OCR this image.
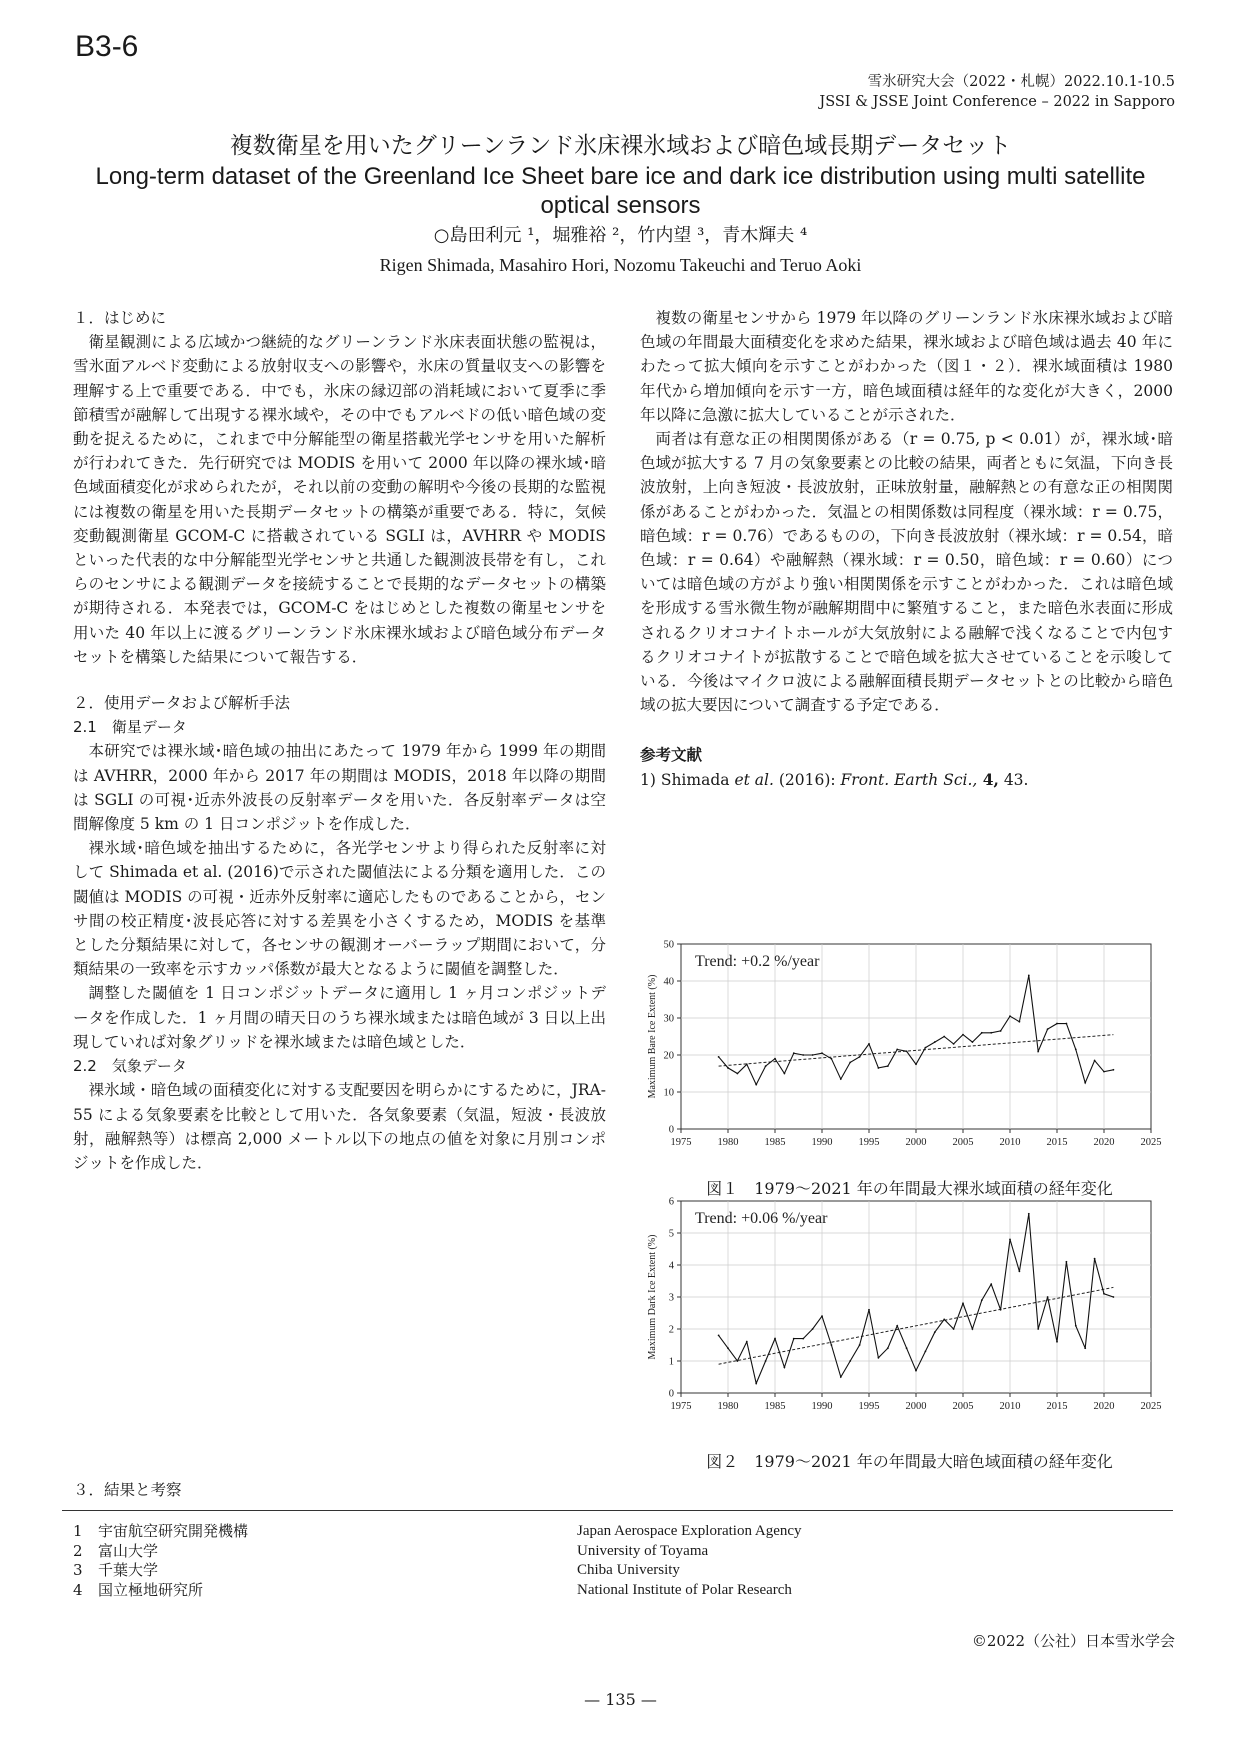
B3-6
雪氷研究大会（2022・札幌）2022.10.1‐10.5
JSSI & JSSE Joint Conference – 2022 in Sapporo
複数衛星を用いたグリーンランド氷床裸氷域および暗色域長期データセット
Long-term dataset of the Greenland Ice Sheet bare ice and dark ice distribution using multi satellite optical sensors
○島田利元 ¹，堀雅裕 ²，竹内望 ³，青木輝夫 ⁴
Rigen Shimada, Masahiro Hori, Nozomu Takeuchi and Teruo Aoki
１．はじめに

衛星観測による広域かつ継続的なグリーンランド氷床表面状態の監視は，雪氷面アルベド変動による放射収支への影響や，氷床の質量収支への影響を理解する上で重要である．中でも，氷床の縁辺部の消耗域において夏季に季節積雪が融解して出現する裸氷域や，その中でもアルベドの低い暗色域の変動を捉えるために，これまで中分解能型の衛星搭載光学センサを用いた解析が行われてきた．先行研究では MODIS を用いて 2000 年以降の裸氷域･暗色域面積変化が求められたが，それ以前の変動の解明や今後の長期的な監視には複数の衛星を用いた長期データセットの構築が重要である．特に，気候変動観測衛星 GCOM-C に搭載されている SGLI は，AVHRR や MODIS といった代表的な中分解能型光学センサと共通した観測波長帯を有し，これらのセンサによる観測データを接続することで長期的なデータセットの構築が期待される．本発表では，GCOM-C をはじめとした複数の衛星センサを用いた 40 年以上に渡るグリーンランド氷床裸氷域および暗色域分布データセットを構築した結果について報告する．

２．使用データおよび解析手法
2.1　衛星データ

本研究では裸氷域･暗色域の抽出にあたって 1979 年から 1999 年の期間は AVHRR，2000 年から 2017 年の期間は MODIS，2018 年以降の期間は SGLI の可視･近赤外波長の反射率データを用いた．各反射率データは空間解像度 5 km の 1 日コンポジットを作成した．

裸氷域･暗色域を抽出するために，各光学センサより得られた反射率に対して Shimada et al. (2016)で示された閾値法による分類を適用した．この閾値は MODIS の可視・近赤外反射率に適応したものであることから，センサ間の校正精度･波長応答に対する差異を小さくするため，MODIS を基準とした分類結果に対して，各センサの観測オーバーラップ期間において，分類結果の一致率を示すカッパ係数が最大となるように閾値を調整した．

調整した閾値を 1 日コンポジットデータに適用し 1 ヶ月コンポジットデータを作成した．1 ヶ月間の晴天日のうち裸氷域または暗色域が 3 日以上出現していれば対象グリッドを裸氷域または暗色域とした．

2.2　気象データ

裸氷域・暗色域の面積変化に対する支配要因を明らかにするために，JRA-55 による気象要素を比較として用いた．各気象要素（気温，短波・長波放射，融解熱等）は標高 2,000 メートル以下の地点の値を対象に月別コンポジットを作成した．

複数の衛星センサから 1979 年以降のグリーンランド氷床裸氷域および暗色域の年間最大面積変化を求めた結果，裸氷域および暗色域は過去 40 年にわたって拡大傾向を示すことがわかった（図１・２）．裸氷域面積は 1980 年代から増加傾向を示す一方，暗色域面積は経年的な変化が大きく，2000 年以降に急激に拡大していることが示された．

両者は有意な正の相関関係がある（r = 0.75, p < 0.01）が，裸氷域･暗色域が拡大する 7 月の気象要素との比較の結果，両者ともに気温，下向き長波放射，上向き短波・長波放射，正味放射量，融解熱との有意な正の相関関係があることがわかった．気温との相関係数は同程度（裸氷域：r = 0.75，暗色域：r = 0.76）であるものの，下向き長波放射（裸氷域：r = 0.54，暗色域：r = 0.64）や融解熱（裸氷域：r = 0.50，暗色域：r = 0.60）については暗色域の方がより強い相関関係を示すことがわかった．これは暗色域を形成する雪氷微生物が融解期間中に繁殖すること，また暗色氷表面に形成されるクリオコナイトホールが大気放射による融解で浅くなることで内包するクリオコナイトが拡散することで暗色域を拡大させていることを示唆している．今後はマイクロ波による融解面積長期データセットとの比較から暗色域の拡大要因について調査する予定である．

参考文献
1) Shimada et al. (2016): Front. Earth Sci., 4, 43.
1975 1980 1985 1990 1995 2000 2005 2010 2015 2020 2025
0
10
20
30
40
50
Maximum Bare Ice Extent (%)
Trend: +0.2 %/year
図１　1979〜2021 年の年間最大裸氷域面積の経年変化
1975 1980 1985 1990 1995 2000 2005 2010 2015 2020 2025
0
1
2
3
4
5
6
Maximum Dark Ice Extent (%)
Trend: +0.06 %/year
図２　1979〜2021 年の年間最大暗色域面積の経年変化
３．結果と考察
1 宇宙航空研究開発機構
2 富山大学
3 千葉大学
4 国立極地研究所
Japan Aerospace Exploration Agency
University of Toyama
Chiba University
National Institute of Polar Research
©2022（公社）日本雪氷学会
— 135 —
